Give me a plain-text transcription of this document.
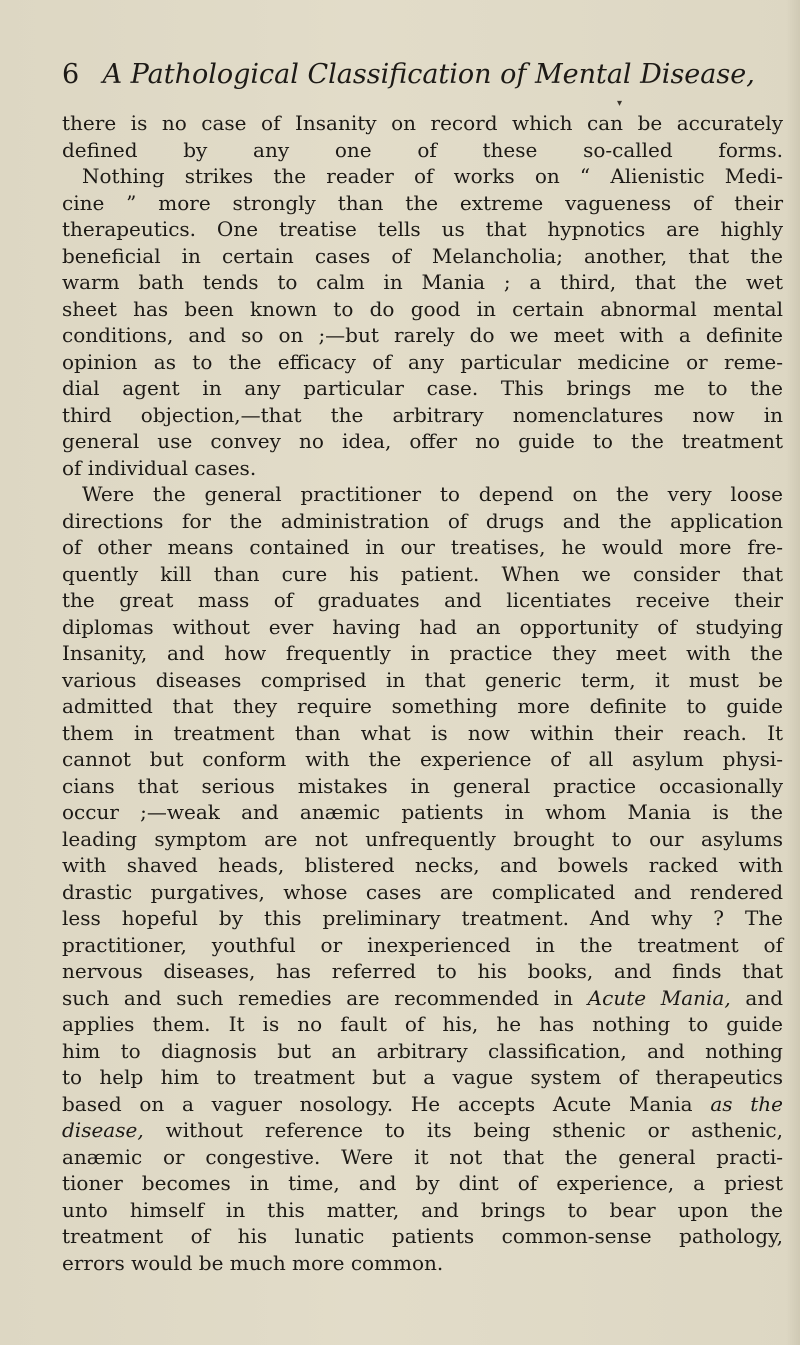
6 A Pathological Classification of Mental Disease,
▾
there is no case of Insanity on record which can be accurately
defined by any one of these so-called forms.
Nothing strikes the reader of works on “ Alienistic Medi-
cine ” more strongly than the extreme vagueness of their
therapeutics. One treatise tells us that hypnotics are highly
beneficial in certain cases of Melancholia; another, that the
warm bath tends to calm in Mania ; a third, that the wet
sheet has been known to do good in certain abnormal mental
conditions, and so on ;—but rarely do we meet with a definite
opinion as to the efficacy of any particular medicine or reme-
dial agent in any particular case. This brings me to the
third objection,—that the arbitrary nomenclatures now in
general use convey no idea, offer no guide to the treatment
of individual cases.
Were the general practitioner to depend on the very loose
directions for the administration of drugs and the application
of other means contained in our treatises, he would more fre-
quently kill than cure his patient. When we consider that
the great mass of graduates and licentiates receive their
diplomas without ever having had an opportunity of studying
Insanity, and how frequently in practice they meet with the
various diseases comprised in that generic term, it must be
admitted that they require something more definite to guide
them in treatment than what is now within their reach. It
cannot but conform with the experience of all asylum physi-
cians that serious mistakes in general practice occasionally
occur ;—weak and anæmic patients in whom Mania is the
leading symptom are not unfrequently brought to our asylums
with shaved heads, blistered necks, and bowels racked with
drastic purgatives, whose cases are complicated and rendered
less hopeful by this preliminary treatment. And why ? The
practitioner, youthful or inexperienced in the treatment of
nervous diseases, has referred to his books, and finds that
such and such remedies are recommended in Acute Mania, and
applies them. It is no fault of his, he has nothing to guide
him to diagnosis but an arbitrary classification, and nothing
to help him to treatment but a vague system of therapeutics
based on a vaguer nosology. He accepts Acute Mania as the
disease, without reference to its being sthenic or asthenic,
anæmic or congestive. Were it not that the general practi-
tioner becomes in time, and by dint of experience, a priest
unto himself in this matter, and brings to bear upon the
treatment of his lunatic patients common-sense pathology,
errors would be much more common.
